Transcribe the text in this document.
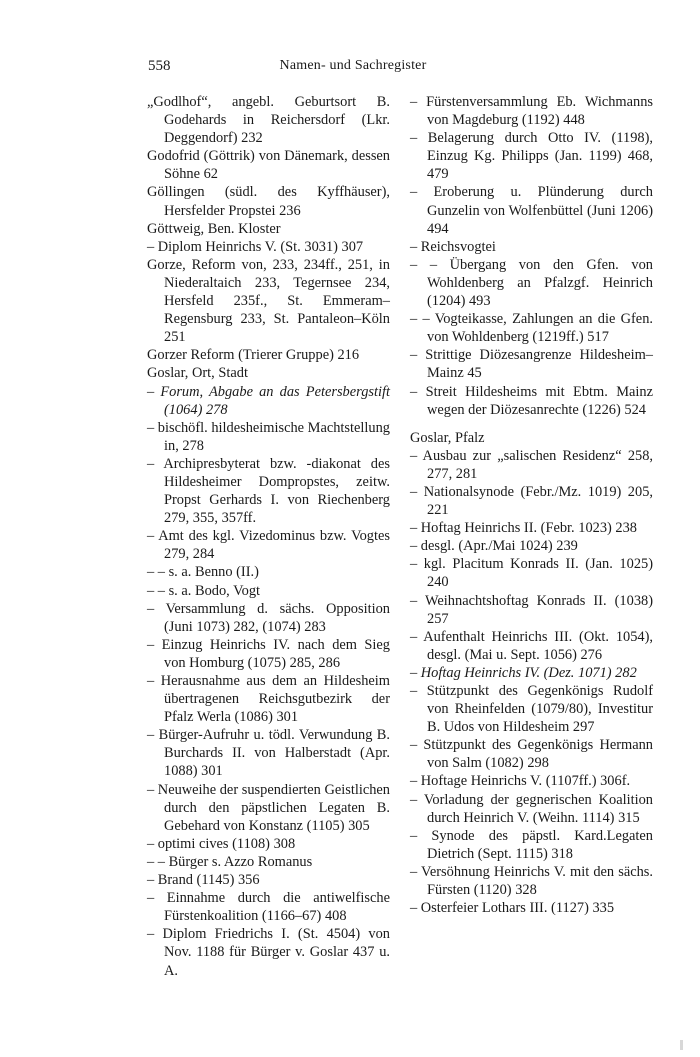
558	Namen- und Sachregister

„Godlhof“, angebl. Geburtsort B. Godehards in Reichersdorf (Lkr. Deggendorf) 232

Godofrid (Göttrik) von Dänemark, dessen Söhne 62

Göllingen (südl. des Kyffhäuser), Hersfelder Propstei 236

Göttweig, Ben. Kloster

– Diplom Heinrichs V. (St. 3031) 307

Gorze, Reform von, 233, 234ff., 251, in Niederaltaich 233, Tegernsee 234, Hersfeld 235f., St. Emmeram–Regensburg 233, St. Pantaleon–Köln 251

Gorzer Reform (Trierer Gruppe) 216

Goslar, Ort, Stadt

– Forum, Abgabe an das Petersbergstift (1064) 278

– bischöfl. hildesheimische Machtstellung in, 278

– Archipresbyterat bzw. -diakonat des Hildesheimer Dompropstes, zeitw. Propst Gerhards I. von Riechenberg 279, 355, 357ff.

– Amt des kgl. Vizedominus bzw. Vogtes 279, 284

– – s. a. Benno (II.)

– – s. a. Bodo, Vogt

– Versammlung d. sächs. Opposition (Juni 1073) 282, (1074) 283

– Einzug Heinrichs IV. nach dem Sieg von Homburg (1075) 285, 286

– Herausnahme aus dem an Hildesheim übertragenen Reichsgutbezirk der Pfalz Werla (1086) 301

– Bürger-Aufruhr u. tödl. Verwundung B. Burchards II. von Halberstadt (Apr. 1088) 301

– Neuweihe der suspendierten Geistlichen durch den päpstlichen Legaten B. Gebehard von Konstanz (1105) 305

– optimi cives (1108) 308

– – Bürger s. Azzo Romanus

– Brand (1145) 356

– Einnahme durch die antiwelfische Fürstenkoalition (1166–67) 408

– Diplom Friedrichs I. (St. 4504) von Nov. 1188 für Bürger v. Goslar 437 u. A.

– Fürstenversammlung Eb. Wichmanns von Magdeburg (1192) 448

– Belagerung durch Otto IV. (1198), Einzug Kg. Philipps (Jan. 1199) 468, 479

– Eroberung u. Plünderung durch Gunzelin von Wolfenbüttel (Juni 1206) 494

– Reichsvogtei

– – Übergang von den Gfen. von Wohldenberg an Pfalzgf. Heinrich (1204) 493

– – Vogteikasse, Zahlungen an die Gfen. von Wohldenberg (1219ff.) 517

– Strittige Diözesangrenze Hildesheim–Mainz 45

– Streit Hildesheims mit Ebtm. Mainz wegen der Diözesanrechte (1226) 524

Goslar, Pfalz

– Ausbau zur „salischen Residenz“ 258, 277, 281

– Nationalsynode (Febr./Mz. 1019) 205, 221

– Hoftag Heinrichs II. (Febr. 1023) 238

– desgl. (Apr./Mai 1024) 239

– kgl. Placitum Konrads II. (Jan. 1025) 240

– Weihnachtshoftag Konrads II. (1038) 257

– Aufenthalt Heinrichs III. (Okt. 1054), desgl. (Mai u. Sept. 1056) 276

– Hoftag Heinrichs IV. (Dez. 1071) 282

– Stützpunkt des Gegenkönigs Rudolf von Rheinfelden (1079/80), Investitur B. Udos von Hildesheim 297

– Stützpunkt des Gegenkönigs Hermann von Salm (1082) 298

– Hoftage Heinrichs V. (1107ff.) 306f.

– Vorladung der gegnerischen Koalition durch Heinrich V. (Weihn. 1114) 315

– Synode des päpstl. Kard.Legaten Dietrich (Sept. 1115) 318

– Versöhnung Heinrichs V. mit den sächs. Fürsten (1120) 328

– Osterfeier Lothars III. (1127) 335
